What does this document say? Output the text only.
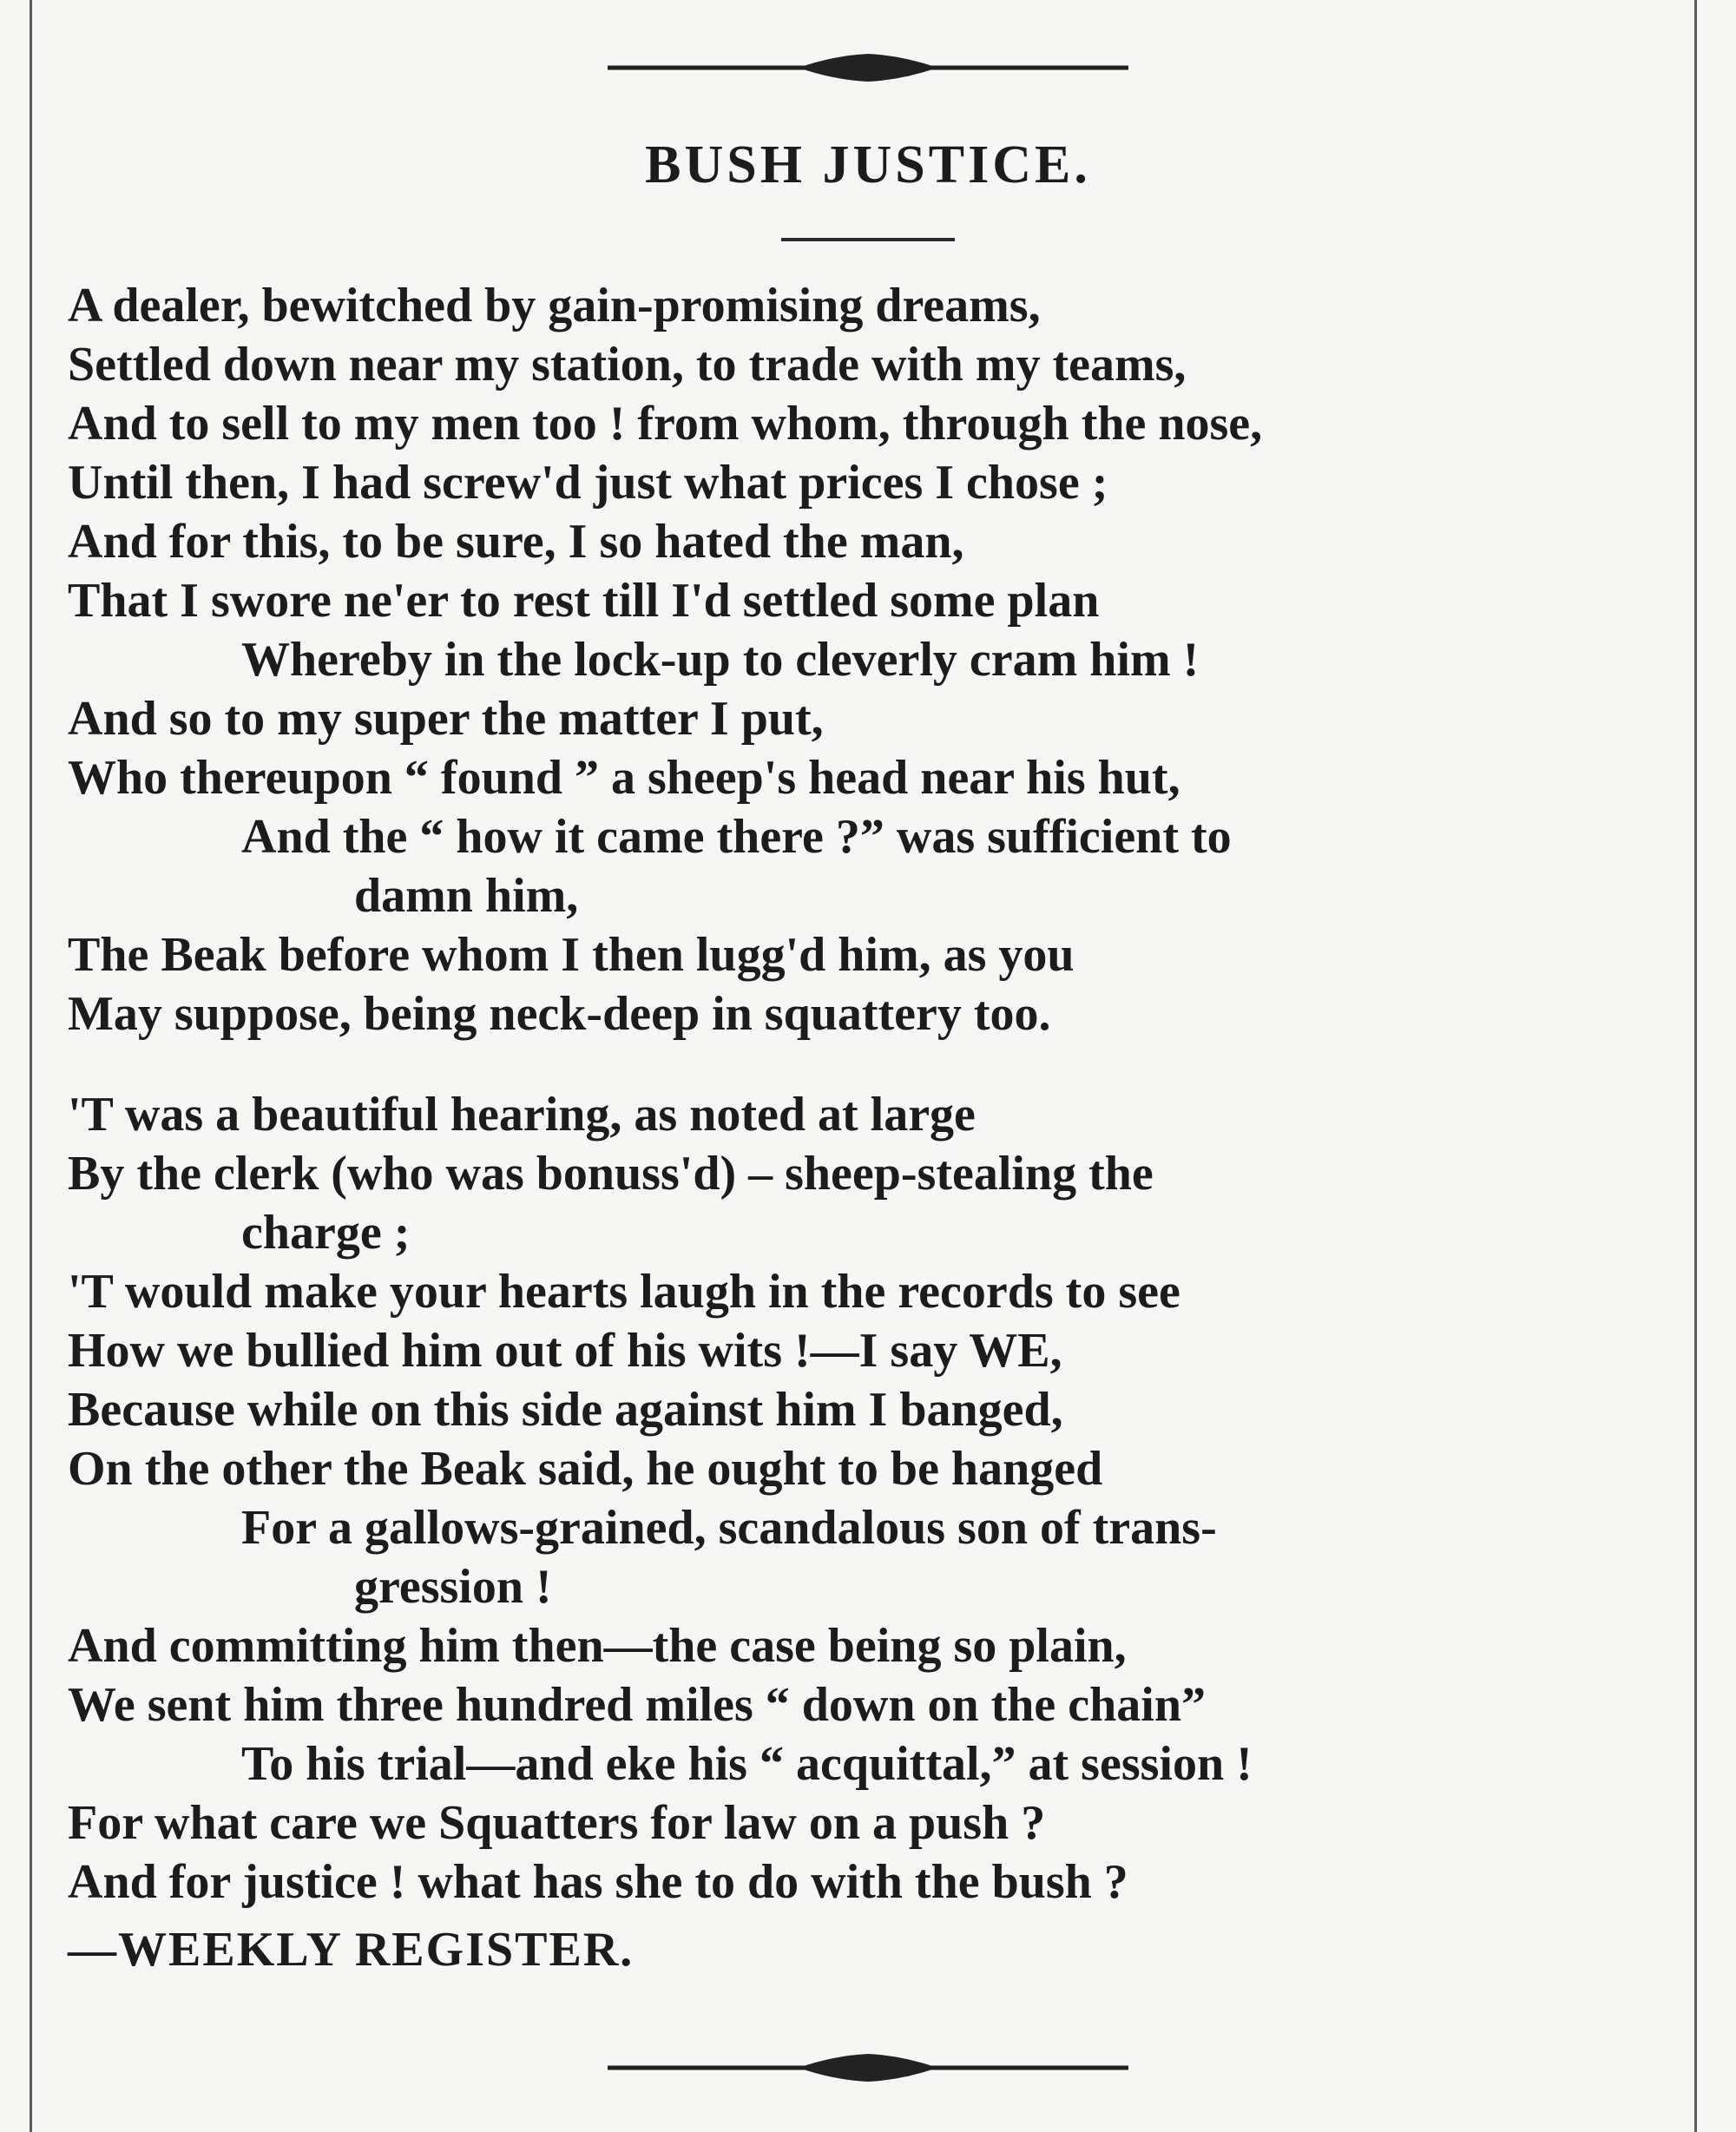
BUSH JUSTICE.
A dealer, bewitched by gain-promising dreams,
Settled down near my station, to trade with my teams,
And to sell to my men too ! from whom, through the nose,
Until then, I had screw'd just what prices I chose ;
And for this, to be sure, I so hated the man,
That I swore ne'er to rest till I'd settled some plan
Whereby in the lock-up to cleverly cram him !
And so to my super the matter I put,
Who thereupon “ found ” a sheep's head near his hut,
And the “ how it came there ?” was sufficient to
damn him,
The Beak before whom I then lugg'd him, as you
May suppose, being neck-deep in squattery too.
'T was a beautiful hearing, as noted at large
By the clerk (who was bonuss'd) – sheep-stealing the
charge ;
'T would make your hearts laugh in the records to see
How we bullied him out of his wits !—I say WE,
Because while on this side against him I banged,
On the other the Beak said, he ought to be hanged
For a gallows-grained, scandalous son of trans-
gression !
And committing him then—the case being so plain,
We sent him three hundred miles “ down on the chain”
To his trial—and eke his “ acquittal,” at session !
For what care we Squatters for law on a push ?
And for justice ! what has she to do with the bush ?
—WEEKLY REGISTER.
